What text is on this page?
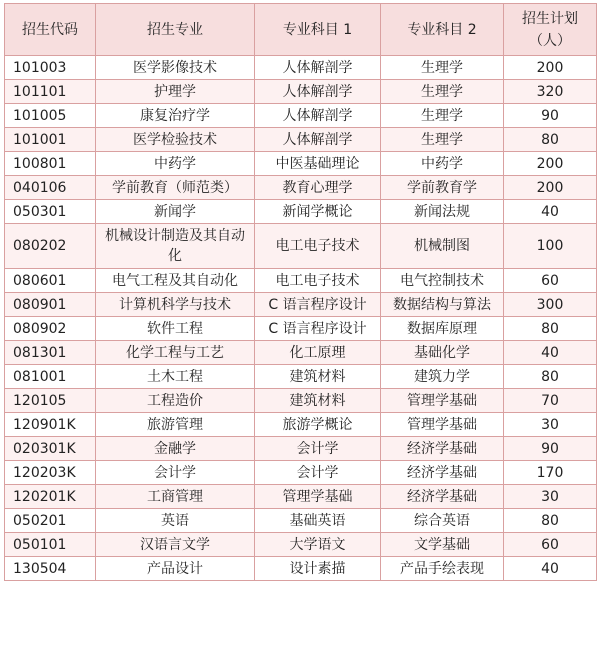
招生代码	招生专业	专业科目 1	专业科目 2	招生计划（人）
101003	医学影像技术	人体解剖学	生理学	200
101101	护理学	人体解剖学	生理学	320
101005	康复治疗学	人体解剖学	生理学	90
101001	医学检验技术	人体解剖学	生理学	80
100801	中药学	中医基础理论	中药学	200
040106	学前教育（师范类）	教育心理学	学前教育学	200
050301	新闻学	新闻学概论	新闻法规	40
080202	机械设计制造及其自动化	电工电子技术	机械制图	100
080601	电气工程及其自动化	电工电子技术	电气控制技术	60
080901	计算机科学与技术	C 语言程序设计	数据结构与算法	300
080902	软件工程	C 语言程序设计	数据库原理	80
081301	化学工程与工艺	化工原理	基础化学	40
081001	土木工程	建筑材料	建筑力学	80
120105	工程造价	建筑材料	管理学基础	70
120901K	旅游管理	旅游学概论	管理学基础	30
020301K	金融学	会计学	经济学基础	90
120203K	会计学	会计学	经济学基础	170
120201K	工商管理	管理学基础	经济学基础	30
050201	英语	基础英语	综合英语	80
050101	汉语言文学	大学语文	文学基础	60
130504	产品设计	设计素描	产品手绘表现	40
